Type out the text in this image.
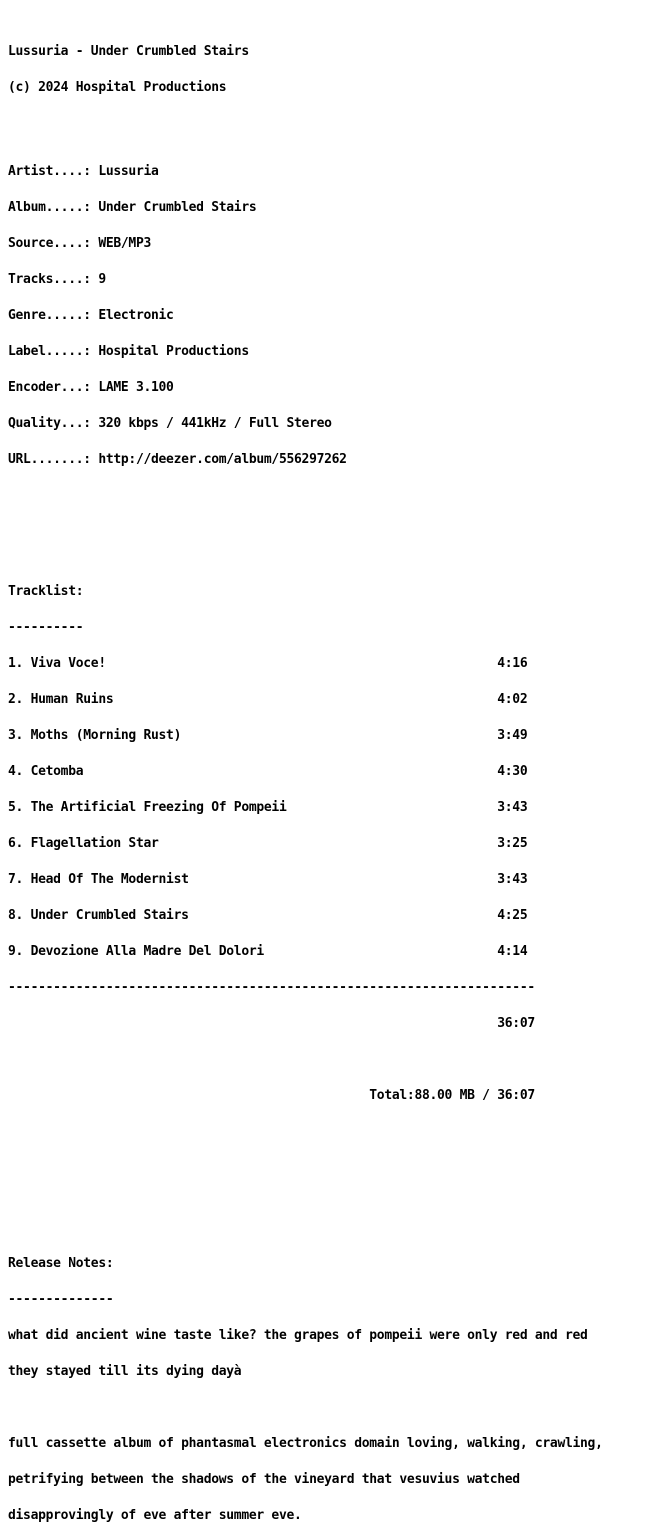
Lussuria - Under Crumbled Stairs

(c) 2024 Hospital Productions

Artist....: Lussuria

Album.....: Under Crumbled Stairs

Source....: WEB/MP3

Tracks....: 9

Genre.....: Electronic

Label.....: Hospital Productions

Encoder...: LAME 3.100

Quality...: 320 kbps / 441kHz / Full Stereo

URL.......: http://deezer.com/album/556297262

Tracklist:

----------

1. Viva Voce!                                                    4:16

2. Human Ruins                                                   4:02

3. Moths (Morning Rust)                                          3:49

4. Cetomba                                                       4:30

5. The Artificial Freezing Of Pompeii                            3:43

6. Flagellation Star                                             3:25

7. Head Of The Modernist                                         3:43

8. Under Crumbled Stairs                                         4:25

9. Devozione Alla Madre Del Dolori                               4:14

----------------------------------------------------------------------

36:07

Total:88.00 MB / 36:07

Release Notes:

--------------

what did ancient wine taste like? the grapes of pompeii were only red and red

they stayed till its dying dayà

full cassette album of phantasmal electronics domain loving, walking, crawling,

petrifying between the shadows of the vineyard that vesuvius watched

disapprovingly of eve after summer eve.
